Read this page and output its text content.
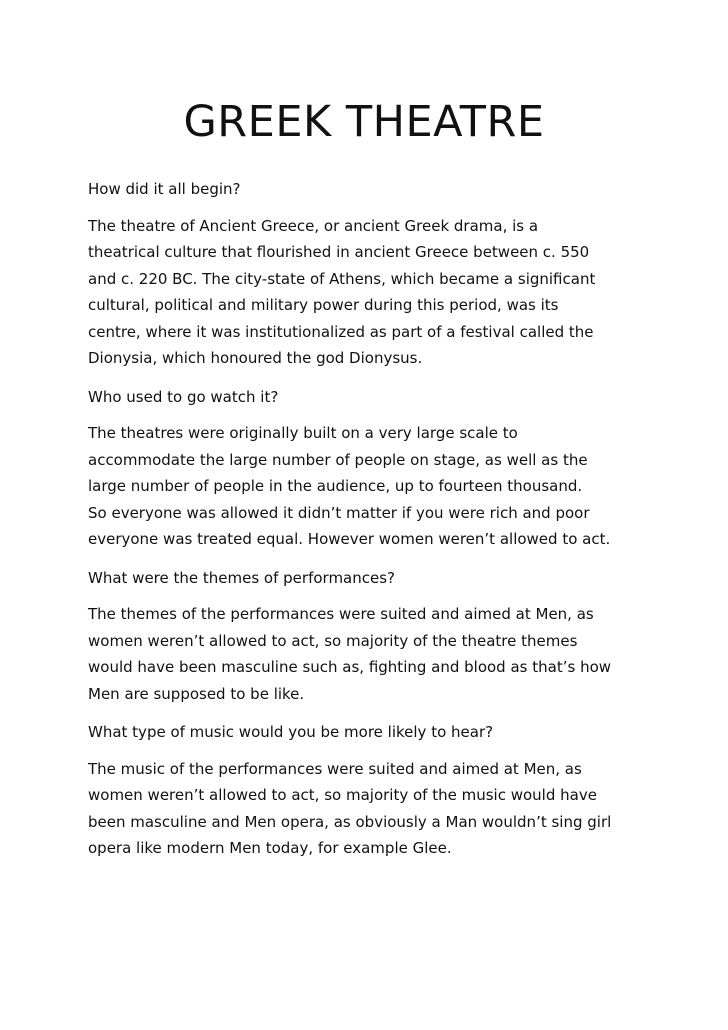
GREEK THEATRE

How did it all begin?

The theatre of Ancient Greece, or ancient Greek drama, is a
theatrical culture that flourished in ancient Greece between c. 550
and c. 220 BC. The city-state of Athens, which became a significant
cultural, political and military power during this period, was its
centre, where it was institutionalized as part of a festival called the
Dionysia, which honoured the god Dionysus.

Who used to go watch it?

The theatres were originally built on a very large scale to
accommodate the large number of people on stage, as well as the
large number of people in the audience, up to fourteen thousand.
So everyone was allowed it didn’t matter if you were rich and poor
everyone was treated equal. However women weren’t allowed to act.

What were the themes of performances?

The themes of the performances were suited and aimed at Men, as
women weren’t allowed to act, so majority of the theatre themes
would have been masculine such as, fighting and blood as that’s how
Men are supposed to be like.

What type of music would you be more likely to hear?

The music of the performances were suited and aimed at Men, as
women weren’t allowed to act, so majority of the music would have
been masculine and Men opera, as obviously a Man wouldn’t sing girl
opera like modern Men today, for example Glee.
